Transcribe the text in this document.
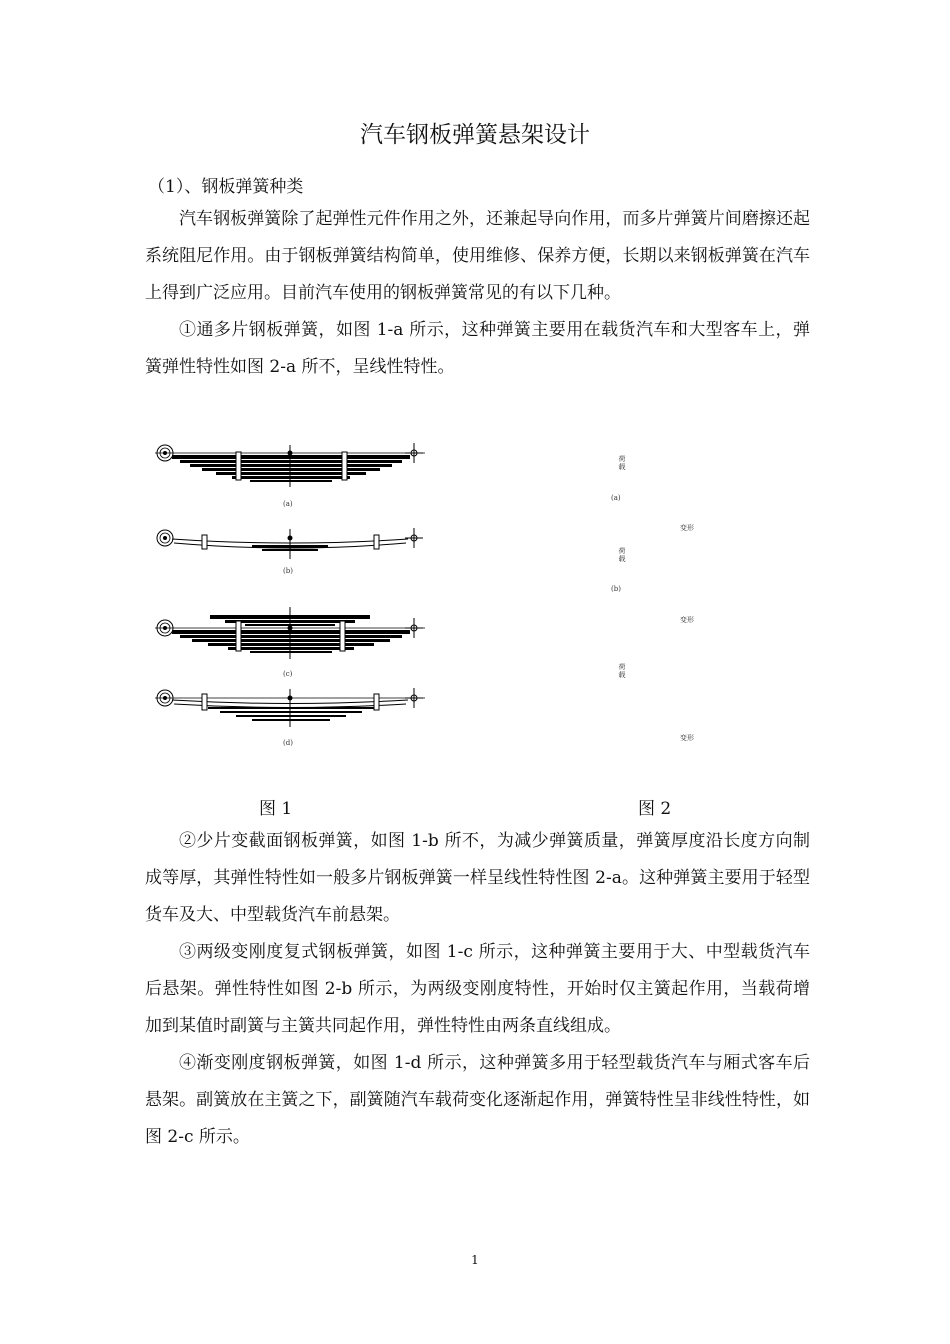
汽车钢板弹簧悬架设计
（1）、钢板弹簧种类
汽车钢板弹簧除了起弹性元件作用之外，还兼起导向作用，而多片弹簧片间磨擦还起系统阻尼作用。由于钢板弹簧结构简单，使用维修、保养方便，长期以来钢板弹簧在汽车上得到广泛应用。目前汽车使用的钢板弹簧常见的有以下几种。
①通多片钢板弹簧，如图 1-a 所示，这种弹簧主要用在载货汽车和大型客车上，弹簧弹性特性如图 2-a 所不，呈线性特性。
(a)
(b)
(c)
(d)
图 1
荷载
(a)
变形
荷载
(b)
变形
荷载
变形
图 2
②少片变截面钢板弹簧，如图 1-b 所不，为减少弹簧质量，弹簧厚度沿长度方向制成等厚，其弹性特性如一般多片钢板弹簧一样呈线性特性图 2-a。这种弹簧主要用于轻型货车及大、中型载货汽车前悬架。
③两级变刚度复式钢板弹簧，如图 1-c 所示，这种弹簧主要用于大、中型载货汽车后悬架。弹性特性如图 2-b 所示，为两级变刚度特性，开始时仅主簧起作用，当载荷增加到某值时副簧与主簧共同起作用，弹性特性由两条直线组成。
④渐变刚度钢板弹簧，如图 1-d 所示，这种弹簧多用于轻型载货汽车与厢式客车后悬架。副簧放在主簧之下，副簧随汽车载荷变化逐渐起作用，弹簧特性呈非线性特性，如图 2-c 所示。
1
